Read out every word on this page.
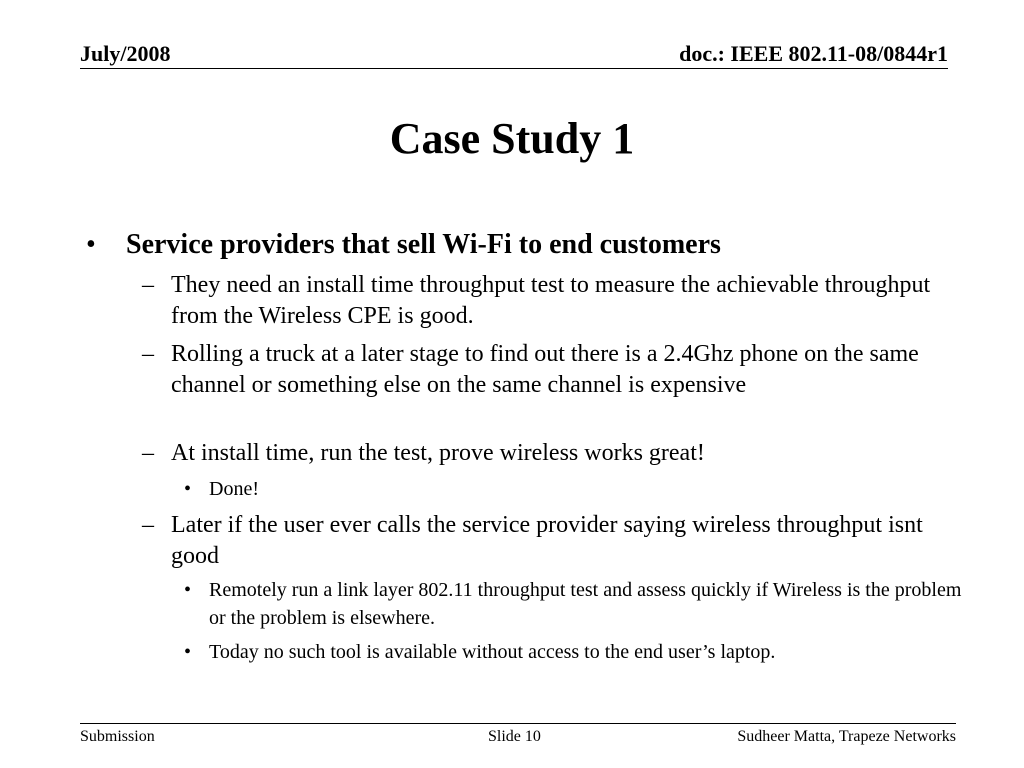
July/2008	doc.: IEEE 802.11-08/0844r1
Case Study 1
• Service providers that sell Wi-Fi to end customers
– They need an install time throughput test to measure the achievable throughput from the Wireless CPE is good.
– Rolling a truck at a later stage to find out there is a 2.4Ghz phone on the same channel or something else on the same channel is expensive
– At install time, run the test, prove wireless works great!
• Done!
– Later if the user ever calls the service provider saying wireless throughput isnt good
• Remotely run a link layer 802.11 throughput test and assess quickly if Wireless is the problem or the problem is elsewhere.
• Today no such tool is available without access to the end user’s laptop.
Submission	Slide 10	Sudheer Matta, Trapeze Networks
